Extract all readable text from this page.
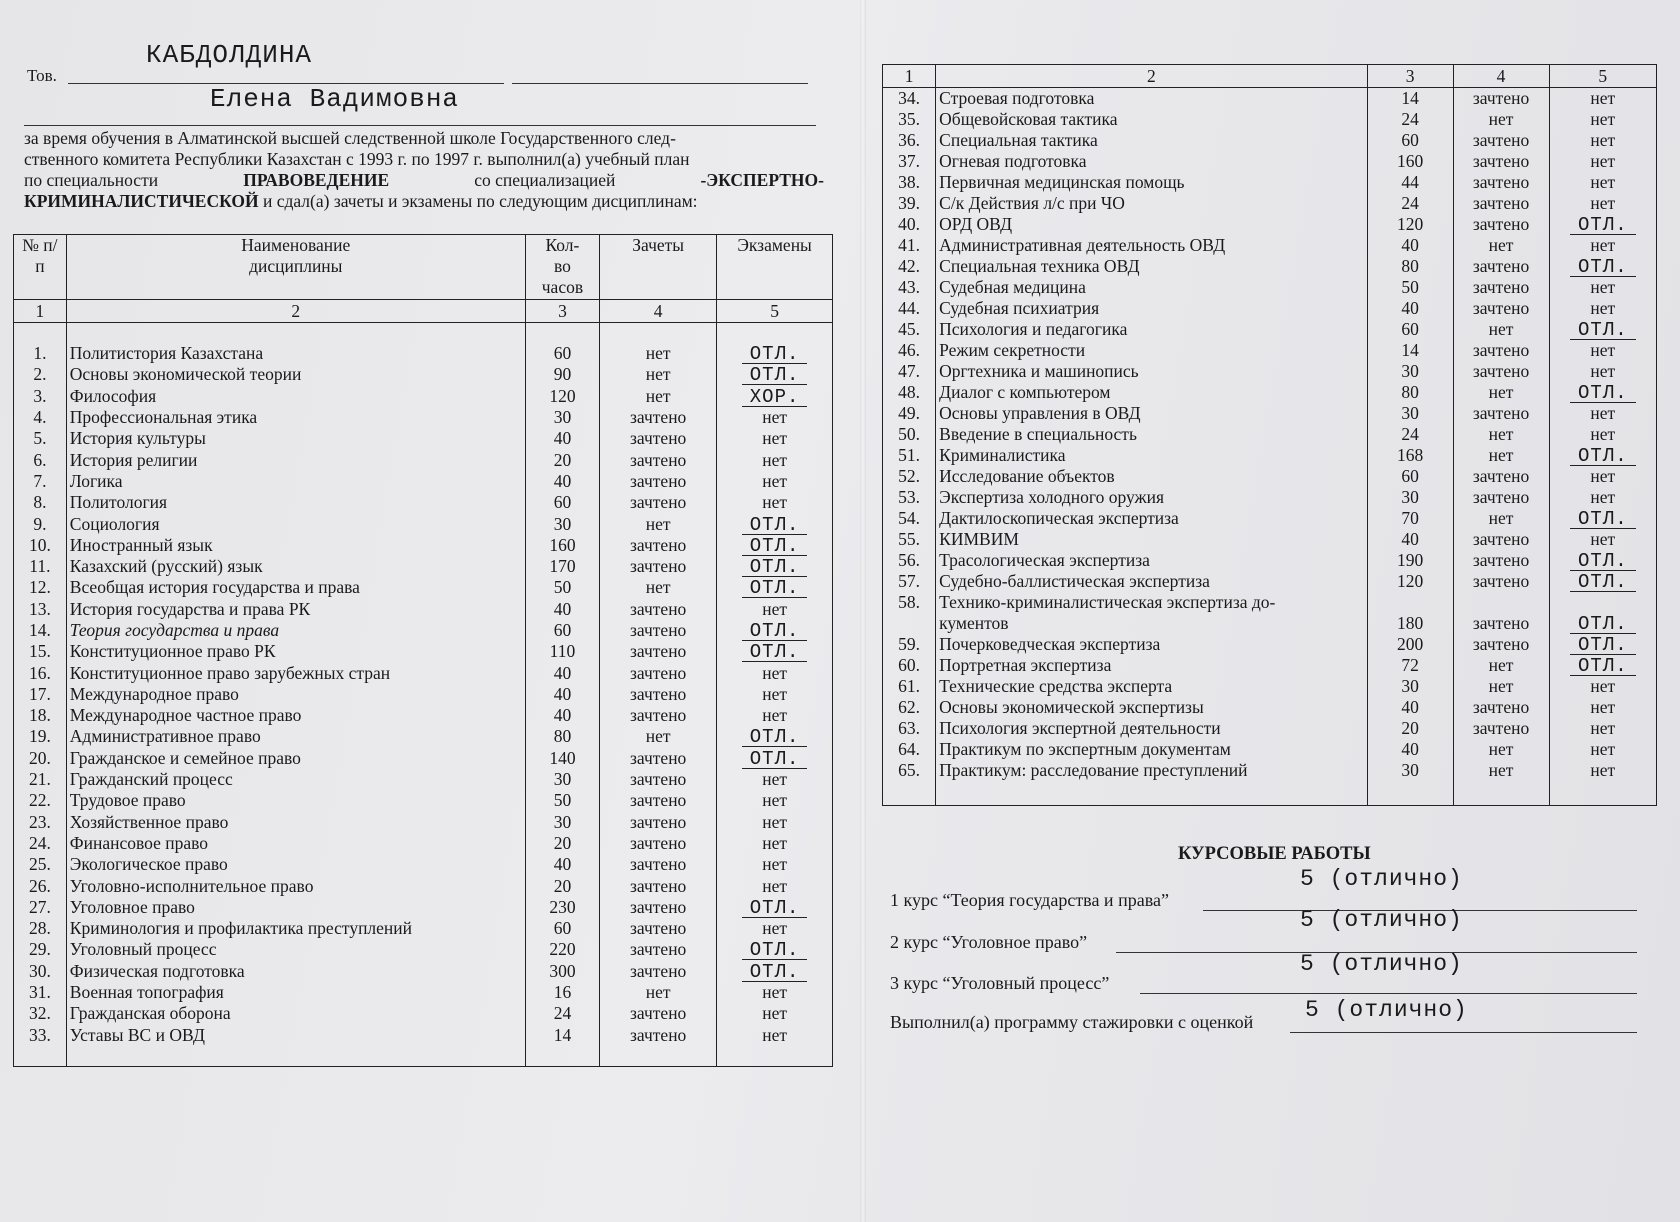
Тов.
КАБДОЛДИНА
Елена Вадимовна

за время обучения в Алматинской высшей следственной школе Государственного след-

ственного комитета Республики Казахстан с 1993 г. по 1997 г. выполнил(а) учебный план

по специальности	ПРАВОВЕДЕНИЕ	со специализацией	-ЭКСПЕРТНО-

КРИМИНАЛИСТИЧЕСКОЙ и сдал(а) зачеты и экзамены по следующим дисциплинам:

№ п/п	Наименование дисциплины	Кол-во часов	Зачеты	Экзамены
1	2	3	4	5

1.	Политистория Казахстана	60	нет	ОТЛ.
2.	Основы экономической теории	90	нет	ОТЛ.
3.	Философия	120	нет	ХОР.
4.	Профессиональная этика	30	зачтено	нет
5.	История культуры	40	зачтено	нет
6.	История религии	20	зачтено	нет
7.	Логика	40	зачтено	нет
8.	Политология	60	зачтено	нет
9.	Социология	30	нет	ОТЛ.
10.	Иностранный язык	160	зачтено	ОТЛ.
11.	Казахский (русский) язык	170	зачтено	ОТЛ.
12.	Всеобщая история государства и права	50	нет	ОТЛ.
13.	История государства и права РК	40	зачтено	нет
14.	Теория государства и права	60	зачтено	ОТЛ.
15.	Конституционное право РК	110	зачтено	ОТЛ.
16.	Конституционное право зарубежных стран	40	зачтено	нет
17.	Международное право	40	зачтено	нет
18.	Международное частное право	40	зачтено	нет
19.	Административное право	80	нет	ОТЛ.
20.	Гражданское и семейное право	140	зачтено	ОТЛ.
21.	Гражданский процесс	30	зачтено	нет
22.	Трудовое право	50	зачтено	нет
23.	Хозяйственное право	30	зачтено	нет
24.	Финансовое право	20	зачтено	нет
25.	Экологическое право	40	зачтено	нет
26.	Уголовно-исполнительное право	20	зачтено	нет
27.	Уголовное право	230	зачтено	ОТЛ.
28.	Криминология и профилактика преступлений	60	зачтено	нет
29.	Уголовный процесс	220	зачтено	ОТЛ.
30.	Физическая подготовка	300	зачтено	ОТЛ.
31.	Военная топография	16	нет	нет
32.	Гражданская оборона	24	зачтено	нет
33.	Уставы ВС и ОВД	14	зачтено	нет

1	2	3	4	5
34.	Строевая подготовка	14	зачтено	нет
35.	Общевойсковая тактика	24	нет	нет
36.	Специальная тактика	60	зачтено	нет
37.	Огневая подготовка	160	зачтено	нет
38.	Первичная медицинская помощь	44	зачтено	нет
39.	С/к Действия л/с при ЧО	24	зачтено	нет
40.	ОРД ОВД	120	зачтено	ОТЛ.
41.	Административная деятельность ОВД	40	нет	нет
42.	Специальная техника ОВД	80	зачтено	ОТЛ.
43.	Судебная медицина	50	зачтено	нет
44.	Судебная психиатрия	40	зачтено	нет
45.	Психология и педагогика	60	нет	ОТЛ.
46.	Режим секретности	14	зачтено	нет
47.	Оргтехника и машинопись	30	зачтено	нет
48.	Диалог с компьютером	80	нет	ОТЛ.
49.	Основы управления в ОВД	30	зачтено	нет
50.	Введение в специальность	24	нет	нет
51.	Криминалистика	168	нет	ОТЛ.
52.	Исследование объектов	60	зачтено	нет
53.	Экспертиза холодного оружия	30	зачтено	нет
54.	Дактилоскопическая экспертиза	70	нет	ОТЛ.
55.	КИМВИМ	40	зачтено	нет
56.	Трасологическая экспертиза	190	зачтено	ОТЛ.
57.	Судебно-баллистическая экспертиза	120	зачтено	ОТЛ.
58.	Технико-криминалистическая экспертиза до-			
	кументов	180	зачтено	ОТЛ.
59.	Почерковедческая экспертиза	200	зачтено	ОТЛ.
60.	Портретная экспертиза	72	нет	ОТЛ.
61.	Технические средства эксперта	30	нет	нет
62.	Основы экономической экспертизы	40	зачтено	нет
63.	Психология экспертной деятельности	20	зачтено	нет
64.	Практикум по экспертным документам	40	нет	нет
65.	Практикум: расследование преступлений	30	нет	нет

КУРСОВЫЕ РАБОТЫ
1 курс “Теория государства и права”
5 (отлично)
2 курс “Уголовное право”
5 (отлично)
3 курс “Уголовный процесс”
5 (отлично)
Выполнил(а) программу стажировки с оценкой 5 (отлично)
